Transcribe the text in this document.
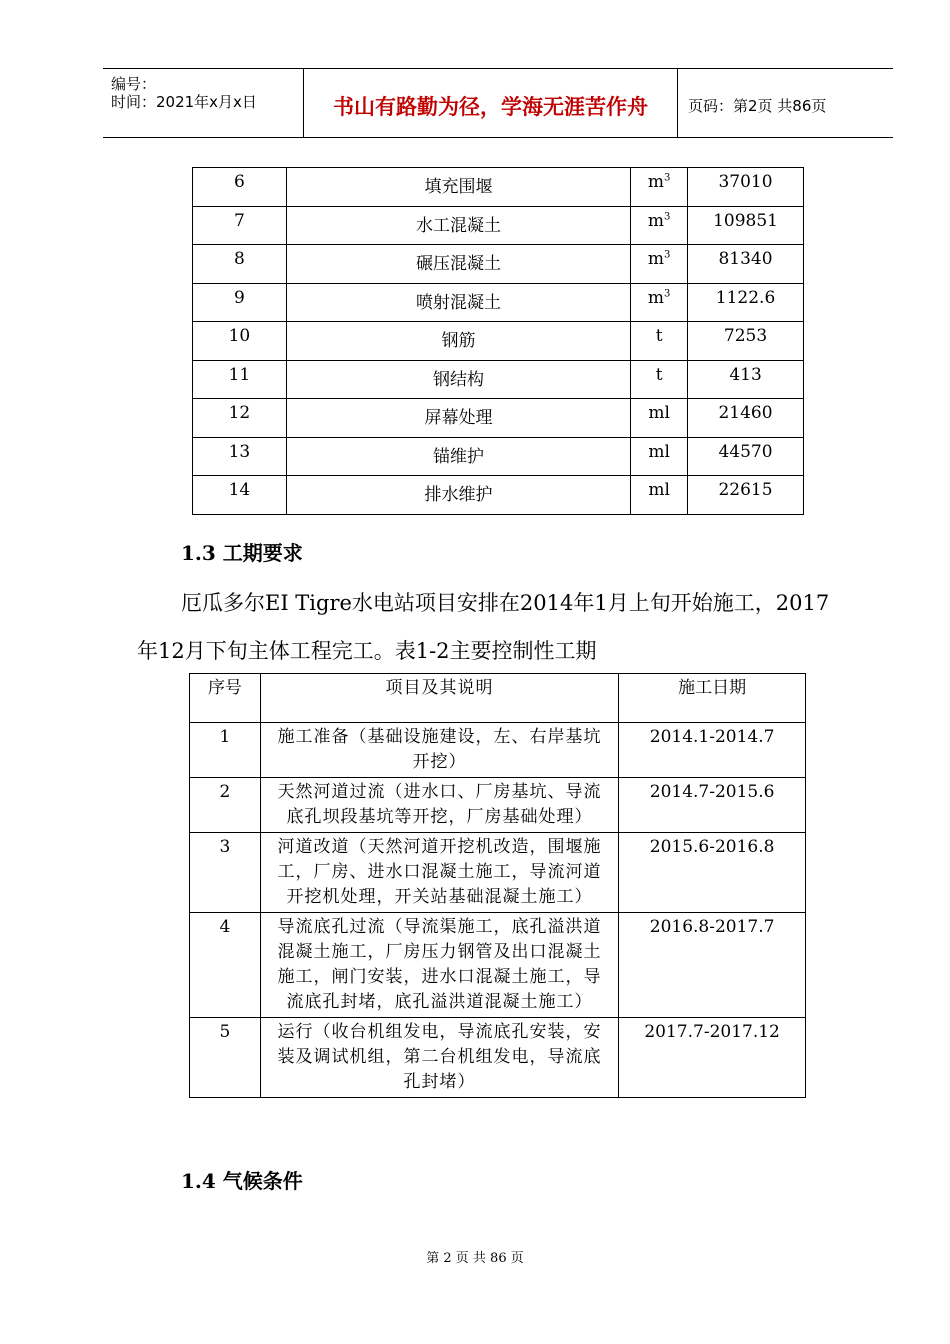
编号：
时间：2021年x月x日	书山有路勤为径，学海无涯苦作舟	页码：第2页 共86页
6	填充围堰	$m^3$	37010
7	水工混凝土	$m^3$	109851
8	碾压混凝土	$m^3$	81340
9	喷射混凝土	$m^3$	1122.6
10	钢筋	t	7253
11	钢结构	t	413
12	屏幕处理	ml	21460
13	锚维护	ml	44570
14	排水维护	ml	22615
1.3 工期要求
厄瓜多尔EI Tigre水电站项目安排在2014年1月上旬开始施工，2017
年12月下旬主体工程完工。表1-2主要控制性工期
序号	项目及其说明	施工日期
1	施工准备（基础设施建设，左、右岸基坑开挖）	2014.1-2014.7
2	天然河道过流（进水口、厂房基坑、导流底孔坝段基坑等开挖，厂房基础处理）	2014.7-2015.6
3	河道改道（天然河道开挖机改造，围堰施工，厂房、进水口混凝土施工，导流河道开挖机处理，开关站基础混凝土施工）	2015.6-2016.8
4	导流底孔过流（导流渠施工，底孔溢洪道混凝土施工，厂房压力钢管及出口混凝土施工，闸门安装，进水口混凝土施工，导流底孔封堵，底孔溢洪道混凝土施工）	2016.8-2017.7
5	运行（收台机组发电，导流底孔安装，安装及调试机组，第二台机组发电，导流底孔封堵）	2017.7-2017.12
1.4 气候条件
第 2 页 共 86 页
